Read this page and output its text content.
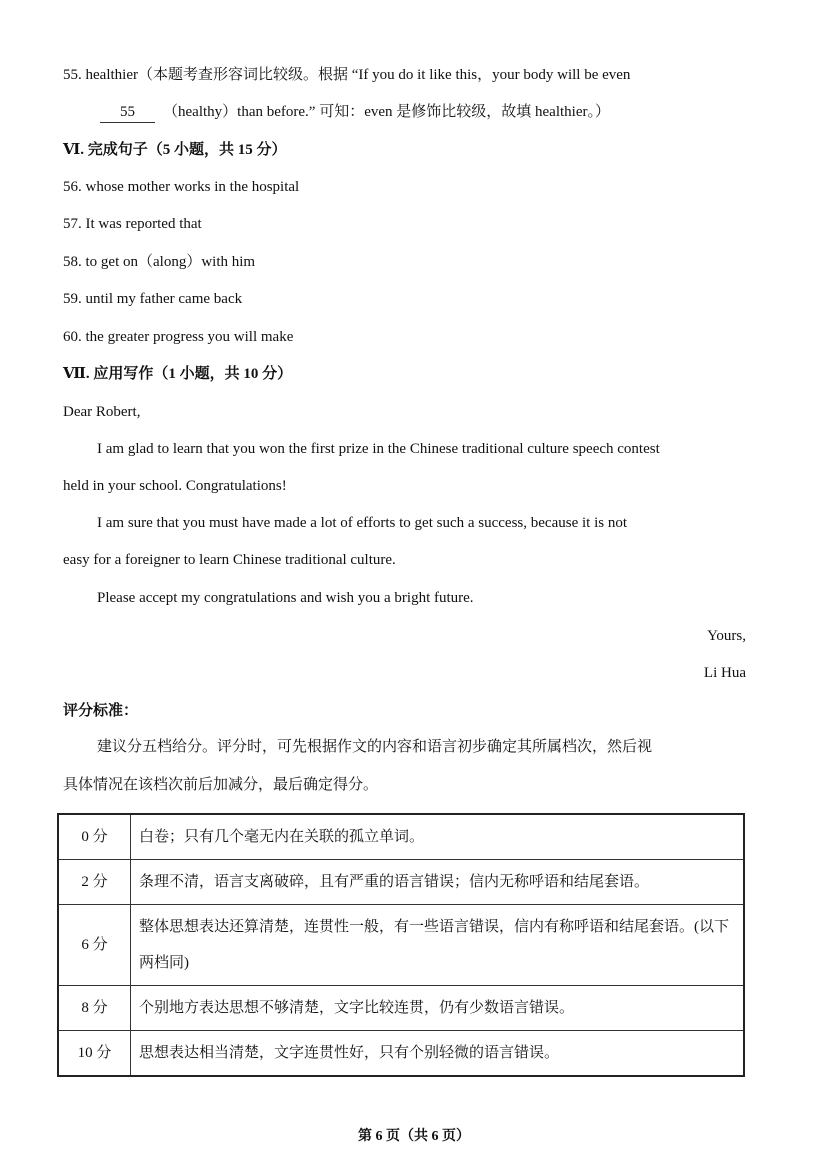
55. healthier（本题考查形容词比较级。根据 “If you do it like this，your body will be even
55 （healthy）than before.” 可知：even 是修饰比较级，故填 healthier。）
Ⅵ. 完成句子（5 小题，共 15 分）
56. whose mother works in the hospital
57. It was reported that
58. to get on（along）with him
59. until my father came back
60. the greater progress you will make
Ⅶ. 应用写作（1 小题，共 10 分）
Dear Robert,
I am glad to learn that you won the first prize in the Chinese traditional culture speech contest
held in your school. Congratulations!
I am sure that you must have made a lot of efforts to get such a success, because it is not
easy for a foreigner to learn Chinese traditional culture.
Please accept my congratulations and wish you a bright future.
Yours,
Li Hua
评分标准：
建议分五档给分。评分时，可先根据作文的内容和语言初步确定其所属档次，然后视
具体情况在该档次前后加减分，最后确定得分。
0 分	白卷；只有几个毫无内在关联的孤立单词。
2 分	条理不清，语言支离破碎，且有严重的语言错误；信内无称呼语和结尾套语。
6 分	整体思想表达还算清楚，连贯性一般，有一些语言错误，信内有称呼语和结尾套语。(以下两档同)
8 分	个别地方表达思想不够清楚，文字比较连贯，仍有少数语言错误。
10 分	思想表达相当清楚，文字连贯性好，只有个别轻微的语言错误。
第 6 页（共 6 页）
